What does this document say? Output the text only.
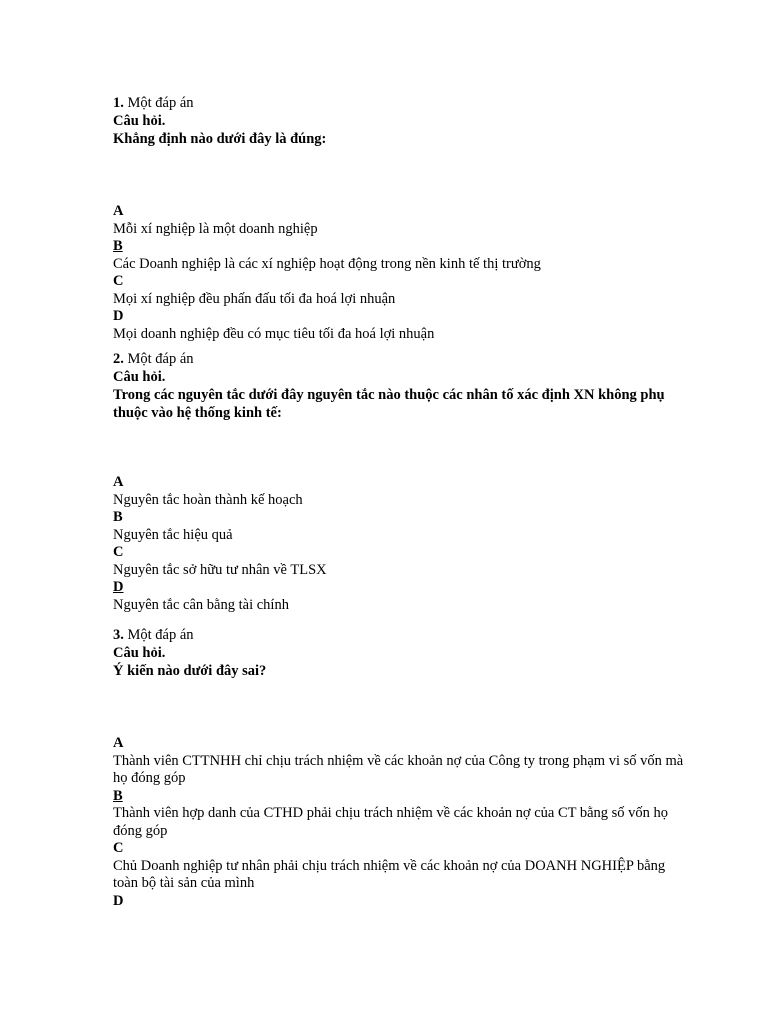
1. Một đáp án
Câu hỏi.
Khẳng định nào dưới đây là đúng:
A
Mỗi xí nghiệp là một doanh nghiệp
B
Các Doanh nghiệp là các xí nghiệp hoạt động trong nền kinh tế thị trường
C
Mọi xí nghiệp đều phấn đấu tối đa hoá lợi nhuận
D
Mọi doanh nghiệp đều có mục tiêu tối đa hoá lợi nhuận
2. Một đáp án
Câu hỏi.
Trong các nguyên tắc dưới đây nguyên tắc nào thuộc các nhân tố xác định XN không phụ thuộc vào hệ thống kinh tế:
A
Nguyên tắc hoàn thành kế hoạch
B
Nguyên tắc hiệu quả
C
Nguyên tắc sở hữu tư nhân về TLSX
D
Nguyên tắc cân bằng tài chính
3. Một đáp án
Câu hỏi.
Ý kiến nào dưới đây sai?
A
Thành viên CTTNHH chỉ chịu trách nhiệm về các khoản nợ của Công ty trong phạm vi số vốn mà họ đóng góp
B
Thành viên hợp danh của CTHD phải chịu trách nhiệm về các khoản nợ của CT bằng số vốn họ đóng góp
C
Chủ Doanh nghiệp tư nhân phải chịu trách nhiệm về các khoản nợ của DOANH NGHIỆP bằng toàn bộ tài sản của mình
D
